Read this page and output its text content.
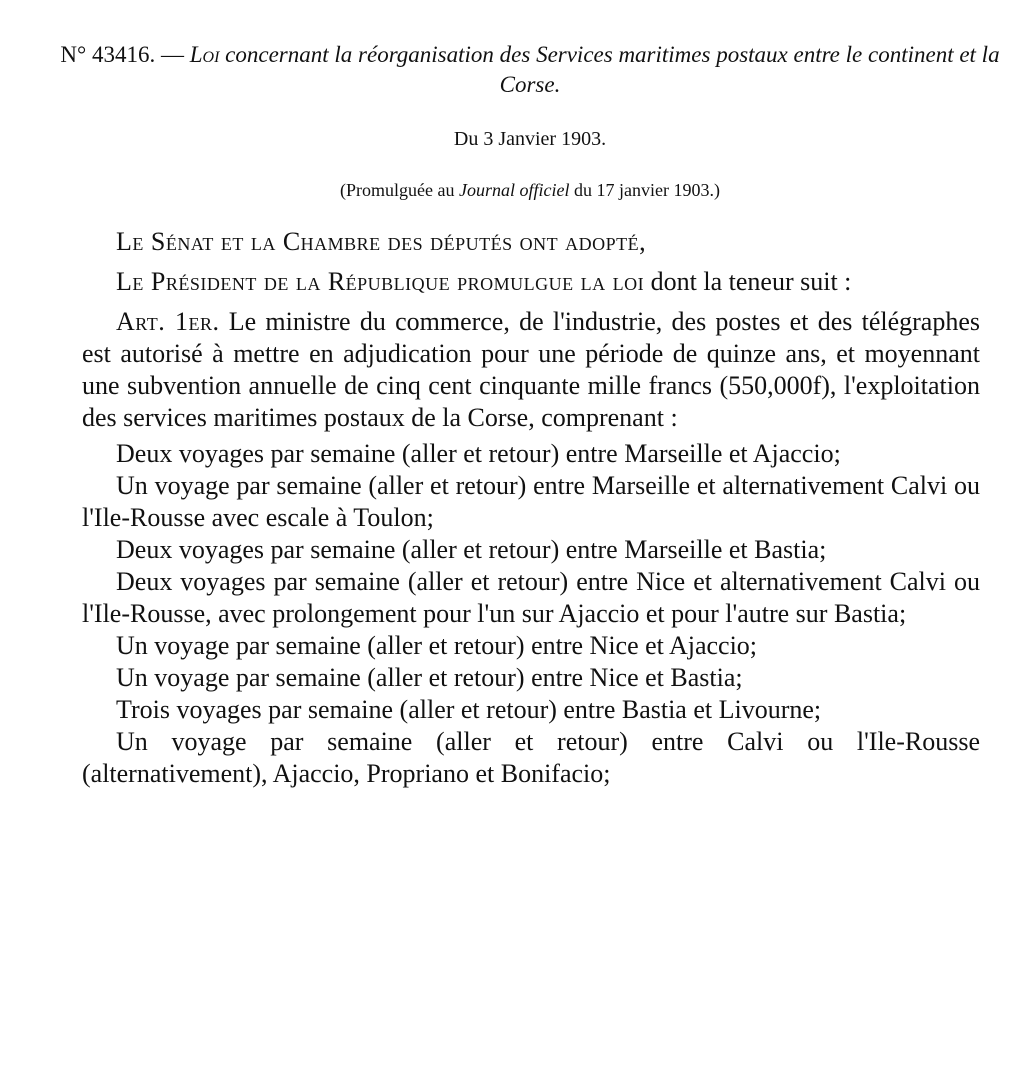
N° 43416. — Loi concernant la réorganisation des Services maritimes postaux entre le continent et la Corse.
Du 3 Janvier 1903.
(Promulguée au Journal officiel du 17 janvier 1903.)

Le Sénat et la Chambre des députés ont adopté,

Le Président de la République promulgue la loi dont la teneur suit :

Art. 1er. Le ministre du commerce, de l'industrie, des postes et des télégraphes est autorisé à mettre en adjudication pour une période de quinze ans, et moyennant une subvention annuelle de cinq cent cinquante mille francs (550,000f), l'exploitation des services maritimes postaux de la Corse, comprenant :

Deux voyages par semaine (aller et retour) entre Marseille et Ajaccio;

Un voyage par semaine (aller et retour) entre Marseille et alternativement Calvi ou l'Ile-Rousse avec escale à Toulon;

Deux voyages par semaine (aller et retour) entre Marseille et Bastia;

Deux voyages par semaine (aller et retour) entre Nice et alternativement Calvi ou l'Ile-Rousse, avec prolongement pour l'un sur Ajaccio et pour l'autre sur Bastia;

Un voyage par semaine (aller et retour) entre Nice et Ajaccio;

Un voyage par semaine (aller et retour) entre Nice et Bastia;

Trois voyages par semaine (aller et retour) entre Bastia et Livourne;

Un voyage par semaine (aller et retour) entre Calvi ou l'Ile-Rousse (alternativement), Ajaccio, Propriano et Bonifacio;
